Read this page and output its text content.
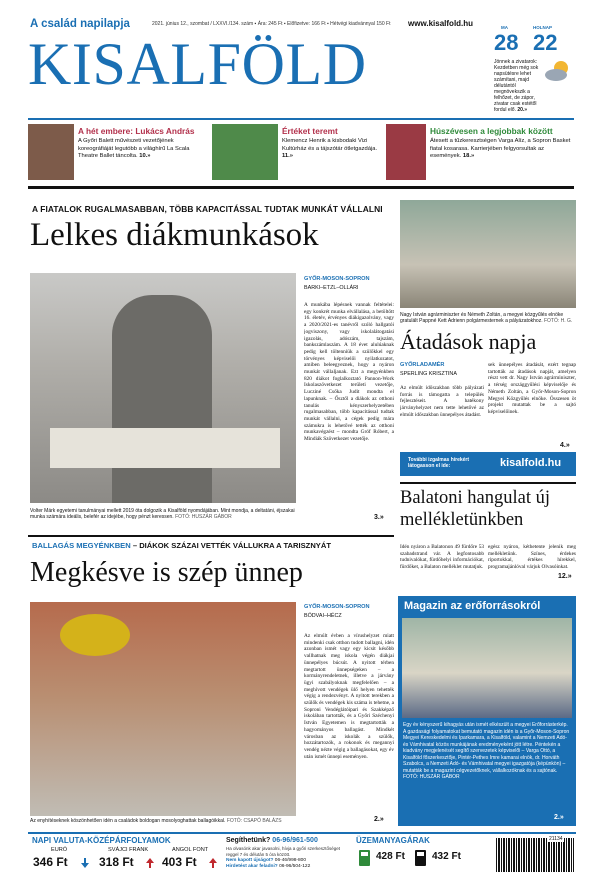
A család napilapja	2021. június 12., szombat / LXXVI./134. szám ▪ Ára: 245 Ft ▪ Előfizetve: 166 Ft ▪ Hétvégi kiadvánnyal 150 Ft www.kisalfold.hu
KISALFÖLD
MA	HOLNAP
28 22
Jönnek a zivatarok: Kezdetben még sok napsütésre lehet számítani, majd délutántól megnövekszik a felhőzet, de zápor, zivatar csak estétől fordul elő. 20.»
A hét embere: Lukács András
A Győri Balett művészeti vezetőjének koreográfiáját legutóbb a világhírű La Scala Theatre Ballet táncolta. 10.»
Értéket teremt
Klemencz Henrik a kisbodaki Vizi Kultúrház és a tájszótár ötletgazdája. 11.»
Húszévesen a legjobbak között
Átesett a tűzkeresztségen Varga Alíz, a Sopron Basket fiatal kosarasa. Karrierjében felgyorsultak az események. 18.»
A FIATALOK RUGALMASABBAN, TÖBB KAPACITÁSSAL TUDTAK MUNKÁT VÁLLALNI
Lelkes diákmunkások
Volter Márk egyetemi tanulmányai mellett 2019 óta dolgozik a Kisalföld nyomdájában. Mint mondja, a deltatáni, éjszakai munka számára ideális, belefér az idejébe, hogy pénzt keressen. FOTÓ: HUSZÁR GÁBOR
GYŐR-MOSON-SOPRON
BARKI–ETZL–OLLÁRI
A munkába lépésnek vannak feltételei: egy konkrét munka elvállalása, a betöltött 16. életév, érvényes diákigazolvány, vagy a 2020/2021-es tanévről szóló hallgatói jogviszony, vagy iskolalátogatási igazolás, adószám, tajszám, bankszámlaszám. A 18 évet alulúaknak pedig kell töltenniük a szülőkkel egy törvényes képviselői nyilatkozatot, amiben beleegyeznek, hogy a nyáron munkát vállaljanak. Ezt a megyénkben 820 diákot foglalkoztató Pannon-Work Iskolaszövetkezet területi vezetője, Lucziné Csőka Judit mondta el lapunknak. – Ősztől a diákok az otthoni tanulás kényszerhelyzetében rugalmasabban, több kapacitással tudtak munkát vállalni, a cégek pedig mára számukra is lehetővé tették az otthoni munkavégzést – mondta Gróf Róbert, a Mindiák Szövetkezet vezetője.
3.»
Nagy István agrárminiszter és Németh Zoltán, a megyei közgyűlés elnöke gratulált Pappné Kett Adrienn polgármesternek a pályázatokhoz. FOTÓ: H. G.
Átadások napja
GYŐRLADAMÉR
SPERLING KRISZTINA
Az elmúlt időszakban több pályázati forrás is támogatta a település fejlesztéseit. A hatékony járványhelyzet nem tette lehetővé az elmúlt időszakban ünnepélyes átadást.
sek ünnepélyes átadását, ezért tegnap tartották az átadások napját, amelyen részt vett dr. Nagy István agrárminiszter, a térség országgyűlési képviselője és Németh Zoltán, a Győr-Moson-Sopron Megyei Közgyűlés elnöke. Összesen öt projekt mutattak be a sajtó képviselőinek.
4.»
További izgalmas hírekért látogasson el ide:	kisalfold.hu
Balatoni hangulat új mellékletünkben
Idén nyáron a Balatonon 49 fürdőre 53 szabadstrand vár. A legfontosabb tudnivalókat, fürdőhelyi információkat, fürdőket, a Balaton melléklet mutatjuk.
egész nyáron, kéthetente jelenik meg mellékletünk. Színes, érdekes riportokkal, értékes hírekkel, programajánlóval várjuk Olvasóinkat.
12.»
BALLAGÁS MEGYÉNKBEN – DIÁKOK SZÁZAI VETTÉK VÁLLUKRA A TARISZNYÁT
Megkésve is szép ünnep
Az enyhítéseknek köszönhetően idén a családok boldogan mosolyoghattak ballagóikkal. FOTÓ: CSAPÓ BALÁZS
GYŐR-MOSON-SOPRON
BÖDVAI–HÉCZ
Az elmúlt évben a vírushelyzet miatt mindenki csak otthon tudott ballagni, idén azonban ismét vagy egy kicsit később vallhatnak meg iskola végén diákjai ünnepélyes búcsút. A nyitott térben megtartott ünnepségeken – a kormányrendeletnek, illetve a járvány ügyi szabályoknak megfelelően – a meghívott vendégek ülő helyen tehették végig a rendezvényt. A nyitott terekben a szülők és vendégek kis száma is tehetne, a Soproni Vendéglátóipari és Szakképző iskolában tartották, és a Győri Széchenyi István Egyetemen is megtartották a hagyományos ballagást. Mindkét városban az iskolák a szülők, hozzátartozók, a rokonok és megannyi vendég nézte végig a ballagásokat, egy év után ismét ünnepi eseményen.
2.»
Magazin az erőforrásokról
Egy év kényszerű kihagyás után ismét elkészült a megyei Erőforrásterkép. A gazdasági folyamatokat bemutató magazin idén is a Győr-Moson-Sopron Megyei Kereskedelmi és Iparkamara, a Kisalföld, valamint a Nemzeti Adó- és Vámhivatal közös munkájának eredményeként jött létre. Péntekén a kiadvány megjelenését segítő szervezetek képviselői – Varga Ottó, a Kisalföld főszerkesztője, Pintér-Pethes Imre kamarai elnök, dr. Horváth Szabolcs, a Nemzeti Adó- és Vámhivatal megyei igazgatója (képünkön) – mutatták be a magazint cégvezetőknek, vállalkozóknak és a sajtónak. FOTÓ: HUSZÁR GÁBOR
2.»
NAPI VALUTA-KÖZÉPÁRFOLYAMOK
EURÓ
346 Ft
SVÁJCI FRANK
318 Ft
ANGOL FONT
403 Ft
Segíthetünk? 06-96/961-500
Ha olvasónk akar javasolni, hívja a győri szerkesztőséget reggel 7 és délután 5 óra között.
Nem kapott újságot? 06-46/998-800
Hirdetést akar feladni? 06-96/504-122
ÜZEMANYAGÁRAK
428 Ft	432 Ft
21134
